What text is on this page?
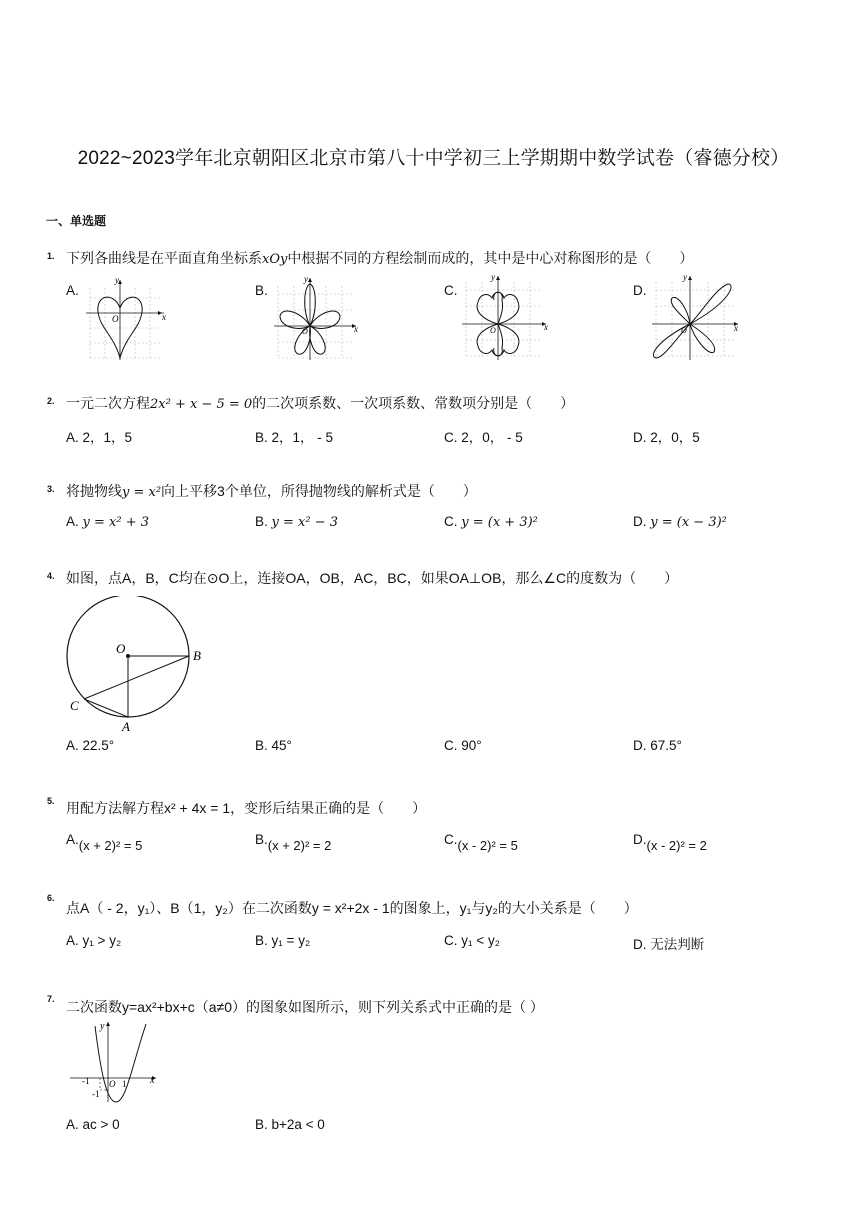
2022~2023学年北京朝阳区北京市第八十中学初三上学期期中数学试卷（睿德分校）
一、单选题
1. 下列各曲线是在平面直角坐标系xOy中根据不同的方程绘制而成的，其中是中心对称图形的是（　　）
A.	B.	C.	D.
x
y
O
x
y
O	x
y
O	x
y
O
2. 一元二次方程2x² + x − 5 = 0的二次项系数、一次项系数、常数项分别是（　　）
A. 2，1，5	B. 2，1， - 5	C. 2，0， - 5	D. 2，0，5
3. 将抛物线y = x²向上平移3个单位，所得抛物线的解析式是（　　）
A. y = x² + 3	B. y = x² − 3	C. y = (x + 3)²	D. y = (x − 3)²
4. 如图，点A，B，C均在⊙O上，连接OA，OB，AC，BC，如果OA⊥OB，那么∠C的度数为（　　）
O	B
C
A
A. 22.5°	B. 45°	C. 90°	D. 67.5°
5. 用配方法解方程x² + 4x = 1，变形后结果正确的是（　　）
A.(x + 2)² = 5	B.(x + 2)² = 2	C.(x - 2)² = 5	D.(x - 2)² = 2
6.
点A（ - 2，y₁）、B（1，y₂）在二次函数y = x²+2x - 1的图象上，y₁与y₂的大小关系是（　　）
A. y₁ > y₂	B. y₁ = y₂	C. y₁ < y₂	D. 无法判断
7. 二次函数y=ax²+bx+c（a≠0）的图象如图所示，则下列关系式中正确的是（ ）
y
x
O
-1	1
-1
A. ac > 0	B. b+2a < 0
